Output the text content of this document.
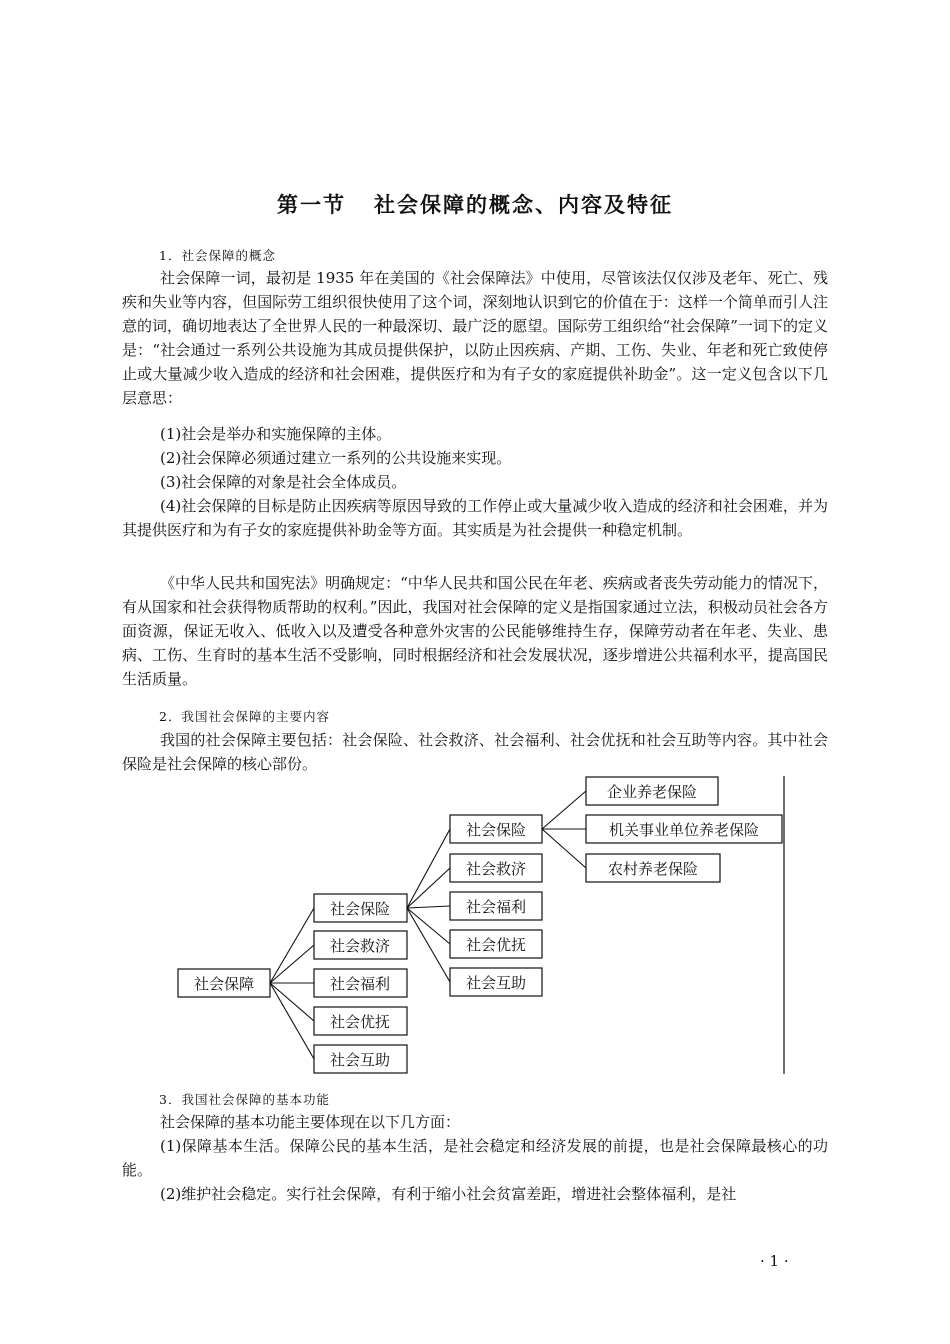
第一节 社会保障的概念、内容及特征
1．社会保障的概念

社会保障一词，最初是 1935 年在美国的《社会保障法》中使用，尽管该法仅仅涉及老年、死亡、残疾和失业等内容，但国际劳工组织很快使用了这个词，深刻地认识到它的价值在于：这样一个简单而引人注意的词，确切地表达了全世界人民的一种最深切、最广泛的愿望。国际劳工组织给“社会保障”一词下的定义是：“社会通过一系列公共设施为其成员提供保护，以防止因疾病、产期、工伤、失业、年老和死亡致使停止或大量减少收入造成的经济和社会困难，提供医疗和为有子女的家庭提供补助金”。这一定义包含以下几层意思：

(1)社会是举办和实施保障的主体。

(2)社会保障必须通过建立一系列的公共设施来实现。

(3)社会保障的对象是社会全体成员。

(4)社会保障的目标是防止因疾病等原因导致的工作停止或大量减少收入造成的经济和社会困难，并为其提供医疗和为有子女的家庭提供补助金等方面。其实质是为社会提供一种稳定机制。

《中华人民共和国宪法》明确规定：“中华人民共和国公民在年老、疾病或者丧失劳动能力的情况下，有从国家和社会获得物质帮助的权利。”因此，我国对社会保障的定义是指国家通过立法，积极动员社会各方面资源，保证无收入、低收入以及遭受各种意外灾害的公民能够维持生存，保障劳动者在年老、失业、患病、工伤、生育时的基本生活不受影响，同时根据经济和社会发展状况，逐步增进公共福利水平，提高国民生活质量。

2．我国社会保障的主要内容

我国的社会保障主要包括：社会保险、社会救济、社会福利、社会优抚和社会互助等内容。其中社会保险是社会保障的核心部份。

社会保障
社会保险
社会救济
社会福利
社会优抚
社会互助
社会保险
社会救济
社会福利
社会优抚
社会互助
企业养老保险
机关事业单位养老保险
农村养老保险
3．我国社会保障的基本功能

社会保障的基本功能主要体现在以下几方面：

(1)保障基本生活。保障公民的基本生活，是社会稳定和经济发展的前提，也是社会保障最核心的功能。

(2)维护社会稳定。实行社会保障，有利于缩小社会贫富差距，增进社会整体福利，是社

· 1 ·
